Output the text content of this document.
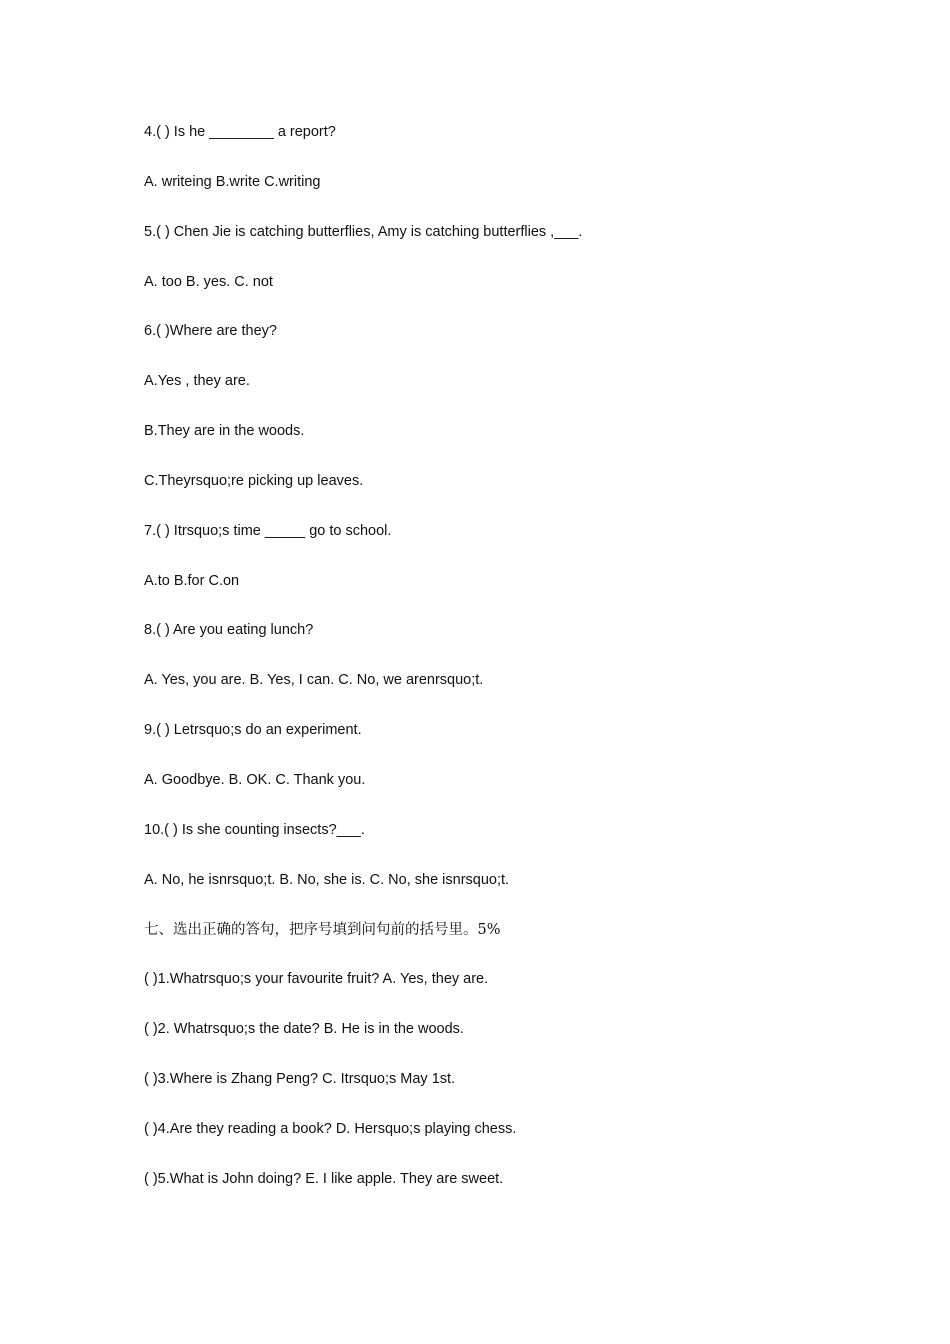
4.( ) Is he ________ a report?
A. writeing B.write C.writing
5.( ) Chen Jie is catching butterflies, Amy is catching butterflies ,___.
A. too B. yes. C. not
6.( )Where are they?
A.Yes , they are.
B.They are in the woods.
C.Theyrsquo;re picking up leaves.
7.( ) Itrsquo;s time _____ go to school.
A.to B.for C.on
8.( ) Are you eating lunch?
A. Yes, you are. B. Yes, I can. C. No, we arenrsquo;t.
9.( ) Letrsquo;s do an experiment.
A. Goodbye. B. OK. C. Thank you.
10.( ) Is she counting insects?___.
A. No, he isnrsquo;t. B. No, she is. C. No, she isnrsquo;t.
七、选出正确的答句，把序号填到问句前的括号里。5%
( )1.Whatrsquo;s your favourite fruit? A. Yes, they are.
( )2. Whatrsquo;s the date? B. He is in the woods.
( )3.Where is Zhang Peng? C. Itrsquo;s May 1st.
( )4.Are they reading a book? D. Hersquo;s playing chess.
( )5.What is John doing? E. I like apple. They are sweet.
